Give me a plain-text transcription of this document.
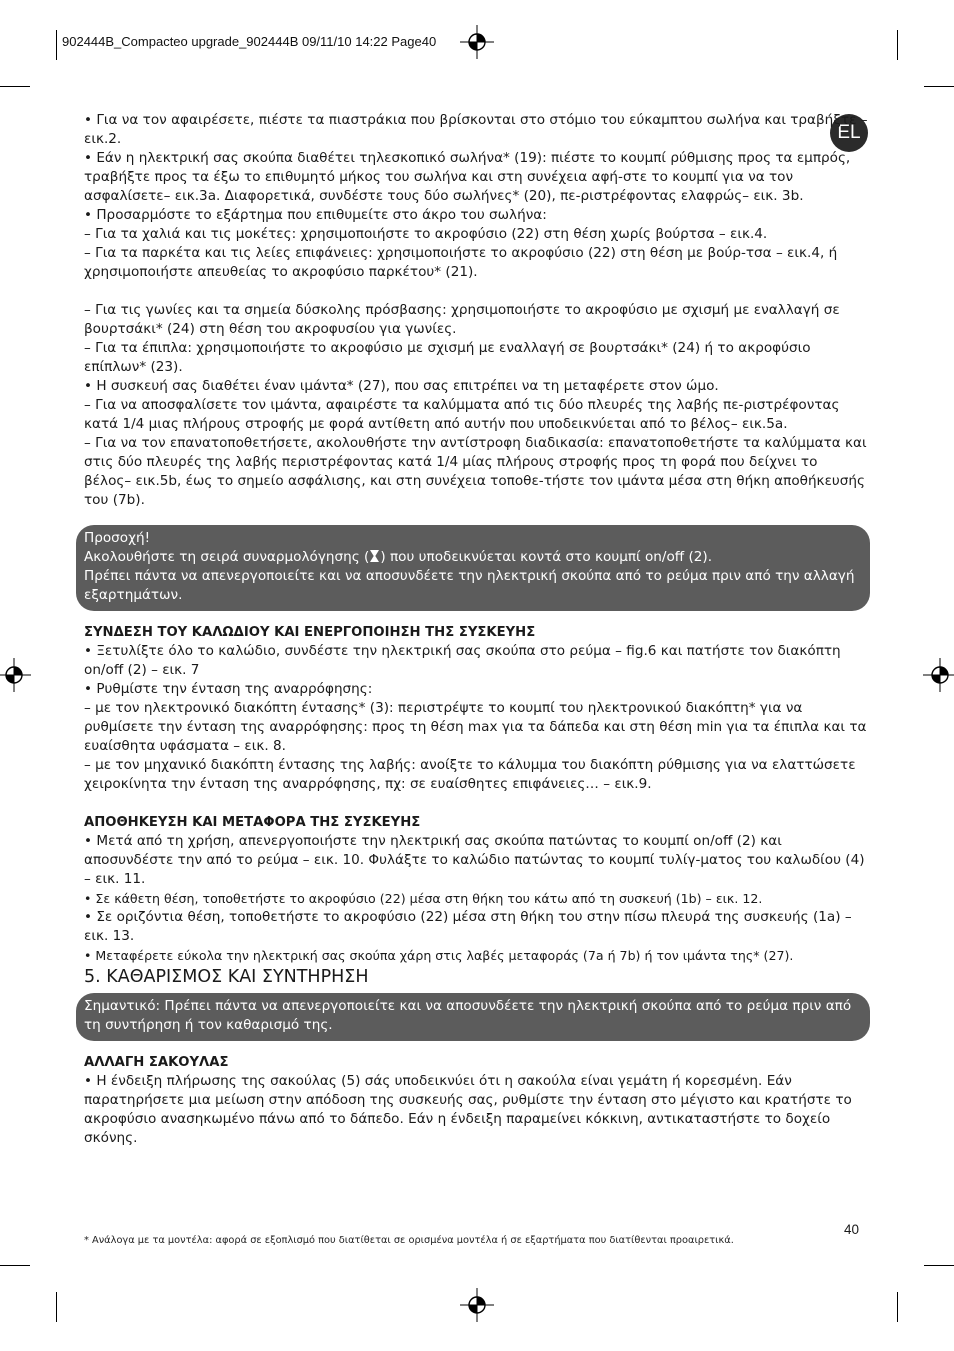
902444B_Compacteo upgrade_902444B 09/11/10 14:22 Page40
EL

• Για να τον αφαιρέσετε, πιέστε τα πιαστράκια που βρίσκονται στο στόμιο του εύκαμπτου σωλήνα και τραβήξτε – εικ.2.

• Εάν η ηλεκτρική σας σκούπα διαθέτει τηλεσκοπικό σωλήνα* (19): πιέστε το κουμπί ρύθμισης προς τα εμπρός, τραβήξτε προς τα έξω το επιθυμητό μήκος του σωλήνα και στη συνέχεια αφή-στε το κουμπί για να τον ασφαλίσετε– εικ.3a. Διαφορετικά, συνδέστε τους δύο σωλήνες* (20), πε-ριστρέφοντας ελαφρώς– εικ. 3b.

• Προσαρμόστε το εξάρτημα που επιθυμείτε στο άκρο του σωλήνα:

– Για τα χαλιά και τις μοκέτες: χρησιμοποιήστε το ακροφύσιο (22) στη θέση χωρίς βούρτσα – εικ.4.

– Για τα παρκέτα και τις λείες επιφάνειες: χρησιμοποιήστε το ακροφύσιο (22) στη θέση με βούρ-τσα – εικ.4, ή χρησιμοποιήστε απευθείας το ακροφύσιο παρκέτου* (21).

– Για τις γωνίες και τα σημεία δύσκολης πρόσβασης: χρησιμοποιήστε το ακροφύσιο με σχισμή με εναλλαγή σε βουρτσάκι* (24) στη θέση του ακροφυσίου για γωνίες.

– Για τα έπιπλα: χρησιμοποιήστε το ακροφύσιο με σχισμή με εναλλαγή σε βουρτσάκι* (24) ή το ακροφύσιο επίπλων* (23).

• Η συσκευή σας διαθέτει έναν ιμάντα* (27), που σας επιτρέπει να τη μεταφέρετε στον ώμο.

– Για να αποσφαλίσετε τον ιμάντα, αφαιρέστε τα καλύμματα από τις δύο πλευρές της λαβής πε-ριστρέφοντας κατά 1/4 μιας πλήρους στροφής με φορά αντίθετη από αυτήν που υποδεικνύεται από το βέλος– εικ.5a.

– Για να τον επανατοποθετήσετε, ακολουθήστε την αντίστροφη διαδικασία: επανατοποθετήστε τα καλύμματα και στις δύο πλευρές της λαβής περιστρέφοντας κατά 1/4 μίας πλήρους στροφής προς τη φορά που δείχνει το βέλος– εικ.5b, έως το σημείο ασφάλισης, και στη συνέχεια τοποθε-τήστε τον ιμάντα μέσα στη θήκη αποθήκευσής του (7b).

Προσοχή!

Ακολουθήστε τη σειρά συναρμολόγησης ( ) που υποδεικνύεται κοντά στο κουμπί on/off (2).

Πρέπει πάντα να απενεργοποιείτε και να αποσυνδέετε την ηλεκτρική σκούπα από το ρεύμα πριν από την αλλαγή εξαρτημάτων.

ΣΥΝΔΕΣΗ ΤΟΥ ΚΑΛΩΔΙΟΥ ΚΑΙ ΕΝΕΡΓΟΠΟΙΗΣΗ ΤΗΣ ΣΥΣΚΕΥΗΣ

• Ξετυλίξτε όλο το καλώδιο, συνδέστε την ηλεκτρική σας σκούπα στο ρεύμα – fig.6 και πατήστε τον διακόπτη on/off (2) – εικ. 7

• Ρυθμίστε την ένταση της αναρρόφησης:

– με τον ηλεκτρονικό διακόπτη έντασης* (3): περιστρέψτε το κουμπί του ηλεκτρονικού διακόπτη* για να ρυθμίσετε την ένταση της αναρρόφησης: προς τη θέση max για τα δάπεδα και στη θέση min για τα έπιπλα και τα ευαίσθητα υφάσματα – εικ. 8.

– με τον μηχανικό διακόπτη έντασης της λαβής: ανοίξτε το κάλυμμα του διακόπτη ρύθμισης για να ελαττώσετε χειροκίνητα την ένταση της αναρρόφησης, πχ: σε ευαίσθητες επιφάνειες… – εικ.9.

ΑΠΟΘΗΚΕΥΣΗ ΚΑΙ ΜΕΤΑΦΟΡΑ ΤΗΣ ΣΥΣΚΕΥΗΣ

• Μετά από τη χρήση, απενεργοποιήστε την ηλεκτρική σας σκούπα πατώντας το κουμπί on/off (2) και αποσυνδέστε την από το ρεύμα – εικ. 10. Φυλάξτε το καλώδιο πατώντας το κουμπί τυλίγ-ματος του καλωδίου (4) – εικ. 11.

• Σε κάθετη θέση, τοποθετήστε το ακροφύσιο (22) μέσα στη θήκη του κάτω από τη συσκευή (1b) – εικ. 12.

• Σε οριζόντια θέση, τοποθετήστε το ακροφύσιο (22) μέσα στη θήκη του στην πίσω πλευρά της συσκευής (1a) – εικ. 13.

• Μεταφέρετε εύκολα την ηλεκτρική σας σκούπα χάρη στις λαβές μεταφοράς (7a ή 7b) ή τον ιμάντα της* (27).

5. ΚΑΘΑΡΙΣΜΟΣ ΚΑΙ ΣΥΝΤΗΡΗΣΗ

Σημαντικό: Πρέπει πάντα να απενεργοποιείτε και να αποσυνδέετε την ηλεκτρική σκούπα από το ρεύμα πριν από τη συντήρηση ή τον καθαρισμό της.

ΑΛΛΑΓΗ ΣΑΚΟΥΛΑΣ

• Η ένδειξη πλήρωσης της σακούλας (5) σάς υποδεικνύει ότι η σακούλα είναι γεμάτη ή κορεσμένη. Εάν παρατηρήσετε μια μείωση στην απόδοση της συσκευής σας, ρυθμίστε την ένταση στο μέγιστο και κρατήστε το ακροφύσιο ανασηκωμένο πάνω από το δάπεδο. Εάν η ένδειξη παραμείνει κόκκινη, αντικαταστήστε το δοχείο σκόνης.

* Ανάλογα με τα μοντέλα: αφορά σε εξοπλισμό που διατίθεται σε ορισμένα μοντέλα ή σε εξαρτήματα που διατίθενται προαιρετικά.
40
